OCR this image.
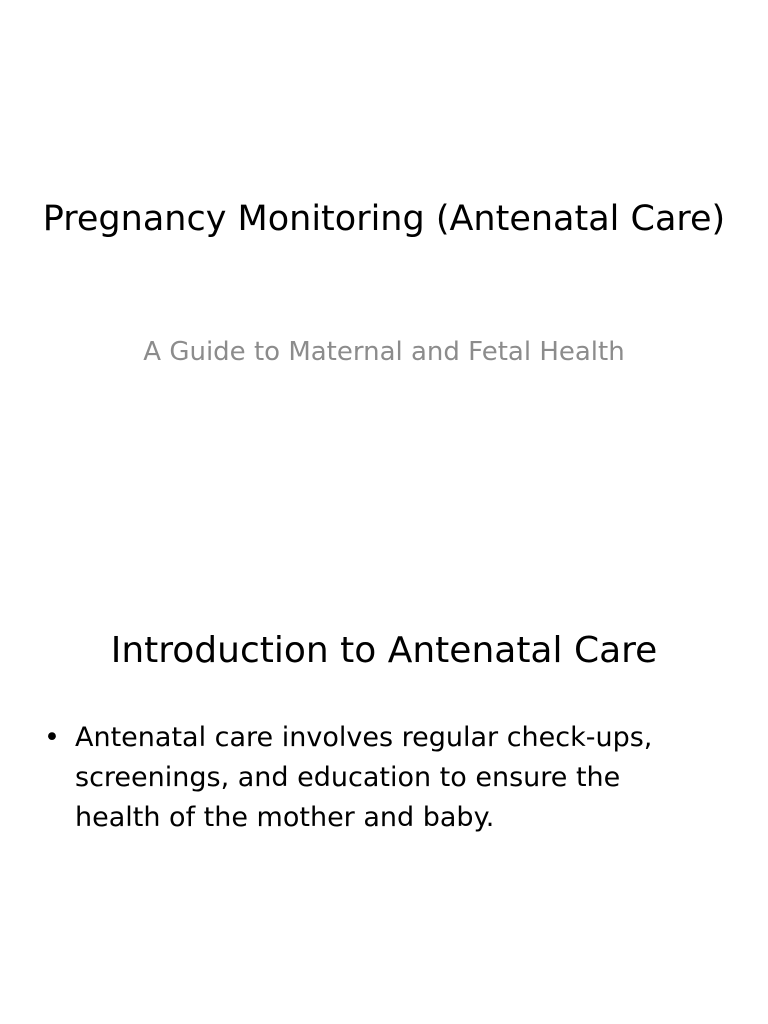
Pregnancy Monitoring (Antenatal Care)

A Guide to Maternal and Fetal Health

Introduction to Antenatal Care
• Antenatal care involves regular check-ups, screenings, and education to ensure the health of the mother and baby.
